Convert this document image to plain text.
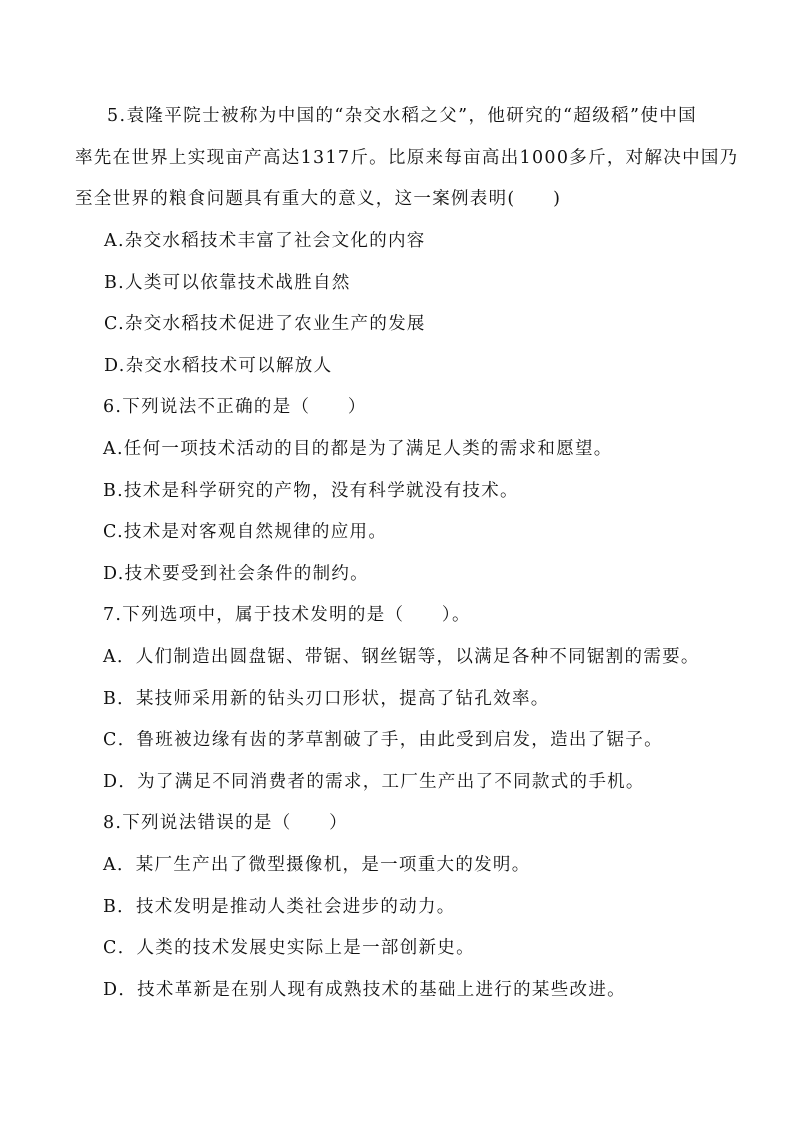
5.袁隆平院士被称为中国的“杂交水稻之父”，他研究的“超级稻”使中国
率先在世界上实现亩产高达1317斤。比原来每亩高出1000多斤，对解决中国乃
至全世界的粮食问题具有重大的意义，这一案例表明(　　)
A.杂交水稻技术丰富了社会文化的内容
B.人类可以依靠技术战胜自然
C.杂交水稻技术促进了农业生产的发展
D.杂交水稻技术可以解放人
6.下列说法不正确的是（　　）
A.任何一项技术活动的目的都是为了满足人类的需求和愿望。
B.技术是科学研究的产物，没有科学就没有技术。
C.技术是对客观自然规律的应用。
D.技术要受到社会条件的制约。
7.下列选项中，属于技术发明的是（　　）。
A．人们制造出圆盘锯、带锯、钢丝锯等，以满足各种不同锯割的需要。
B．某技师采用新的钻头刃口形状，提高了钻孔效率。
C．鲁班被边缘有齿的茅草割破了手，由此受到启发，造出了锯子。
D．为了满足不同消费者的需求，工厂生产出了不同款式的手机。
8.下列说法错误的是（　　）
A．某厂生产出了微型摄像机，是一项重大的发明。
B．技术发明是推动人类社会进步的动力。
C．人类的技术发展史实际上是一部创新史。
D．技术革新是在别人现有成熟技术的基础上进行的某些改进。
